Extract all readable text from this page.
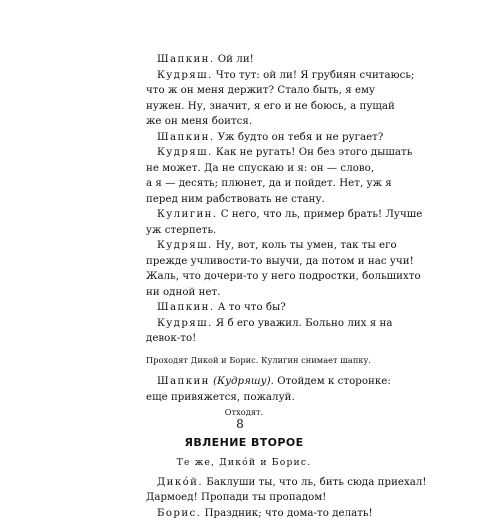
Шапкин. Ой ли!
Кудряш. Что тут: ой ли! Я грубиян считаюсь;
что ж он меня держит? Стало быть, я ему
нужен. Ну, значит, я его и не боюсь, а пущай
же он меня боится.
Шапкин. Уж будто он тебя и не ругает?
Кудряш. Как не ругать! Он без этого дышать
не может. Да не спускаю и я: он — слово,
а я — десять; плюнет, да и пойдет. Нет, уж я
перед ним рабствовать не стану.
Кулигин. С него, что ль, пример брать! Лучше
уж стерпеть.
Кудряш. Ну, вот, коль ты умен, так ты его
прежде учливости-то выучи, да потом и нас учи!
Жаль, что дочери-то у него подростки, большихто
ни одной нет.
Шапкин. А то что бы?
Кудряш. Я б его уважил. Больно лих я на
девок-то!
Проходят Дикой и Борис. Кулигин снимает шапку.
Шапкин (Кудряшу). Отойдем к сторонке:
еще привяжется, пожалуй.
Отходят.
ЯВЛЕНИЕ ВТОРОЕ
Те же, Дико́й и Борис.
Дико́й. Баклуши ты, что ль, бить сюда приехал!
Дармоед! Пропади ты пропадом!
Борис. Праздник; что дома-то делать!
8
